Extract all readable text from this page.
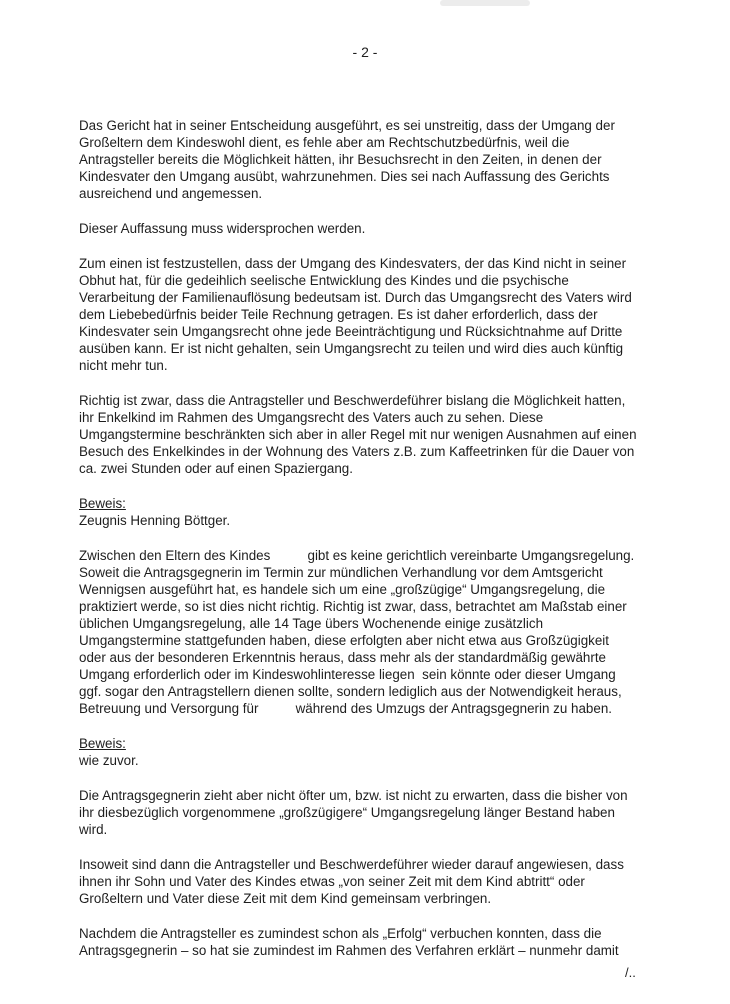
- 2 -

Das Gericht hat in seiner Entscheidung ausgeführt, es sei unstreitig, dass der Umgang der Großeltern dem Kindeswohl dient, es fehle aber am Rechtschutzbedürfnis, weil die Antragsteller bereits die Möglichkeit hätten, ihr Besuchsrecht in den Zeiten, in denen der Kindesvater den Umgang ausübt, wahrzunehmen. Dies sei nach Auffassung des Gerichts ausreichend und angemessen.

Dieser Auffassung muss widersprochen werden.

Zum einen ist festzustellen, dass der Umgang des Kindesvaters, der das Kind nicht in seiner Obhut hat, für die gedeihlich seelische Entwicklung des Kindes und die psychische Verarbeitung der Familienauflösung bedeutsam ist. Durch das Umgangsrecht des Vaters wird dem Liebebedürfnis beider Teile Rechnung getragen. Es ist daher erforderlich, dass der Kindesvater sein Umgangsrecht ohne jede Beeinträchtigung und Rücksichtnahme auf Dritte ausüben kann. Er ist nicht gehalten, sein Umgangsrecht zu teilen und wird dies auch künftig nicht mehr tun.

Richtig ist zwar, dass die Antragsteller und Beschwerdeführer bislang die Möglichkeit hatten, ihr Enkelkind im Rahmen des Umgangsrecht des Vaters auch zu sehen. Diese Umgangstermine beschränkten sich aber in aller Regel mit nur wenigen Ausnahmen auf einen Besuch des Enkelkindes in der Wohnung des Vaters z.B. zum Kaffeetrinken für die Dauer von ca. zwei Stunden oder auf einen Spaziergang.

Beweis:

Zeugnis Henning Böttger.

Zwischen den Eltern des Kindes          gibt es keine gerichtlich vereinbarte Umgangsregelung. Soweit die Antragsgegnerin im Termin zur mündlichen Verhandlung vor dem Amtsgericht Wennigsen ausgeführt hat, es handele sich um eine „großzügige“ Umgangsregelung, die praktiziert werde, so ist dies nicht richtig. Richtig ist zwar, dass, betrachtet am Maßstab einer üblichen Umgangsregelung, alle 14 Tage übers Wochenende einige zusätzlich Umgangstermine stattgefunden haben, diese erfolgten aber nicht etwa aus Großzügigkeit oder aus der besonderen Erkenntnis heraus, dass mehr als der standardmäßig gewährte Umgang erforderlich oder im Kindeswohlinteresse liegen  sein könnte oder dieser Umgang ggf. sogar den Antragstellern dienen sollte, sondern lediglich aus der Notwendigkeit heraus, Betreuung und Versorgung für          während des Umzugs der Antragsgegnerin zu haben.

Beweis:

wie zuvor.

Die Antragsgegnerin zieht aber nicht öfter um, bzw. ist nicht zu erwarten, dass die bisher von ihr diesbezüglich vorgenommene „großzügigere“ Umgangsregelung länger Bestand haben wird.

Insoweit sind dann die Antragsteller und Beschwerdeführer wieder darauf angewiesen, dass ihnen ihr Sohn und Vater des Kindes etwas „von seiner Zeit mit dem Kind abtritt“ oder Großeltern und Vater diese Zeit mit dem Kind gemeinsam verbringen.

Nachdem die Antragsteller es zumindest schon als „Erfolg“ verbuchen konnten, dass die Antragsgegnerin – so hat sie zumindest im Rahmen des Verfahren erklärt – nunmehr damit

/..
